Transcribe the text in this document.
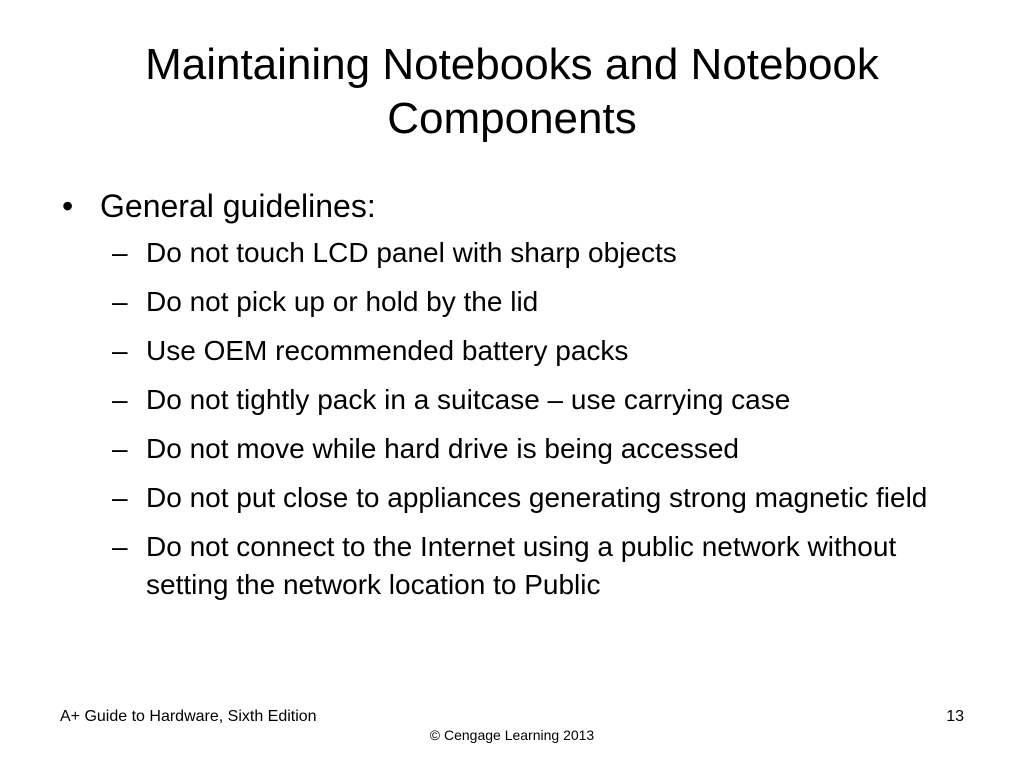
Maintaining Notebooks and Notebook Components
• General guidelines:
– Do not touch LCD panel with sharp objects
– Do not pick up or hold by the lid
– Use OEM recommended battery packs
– Do not tightly pack in a suitcase – use carrying case
– Do not move while hard drive is being accessed
– Do not put close to appliances generating strong magnetic field
– Do not connect to the Internet using a public network without setting the network location to Public
A+ Guide to Hardware, Sixth Edition	13
© Cengage Learning 2013
